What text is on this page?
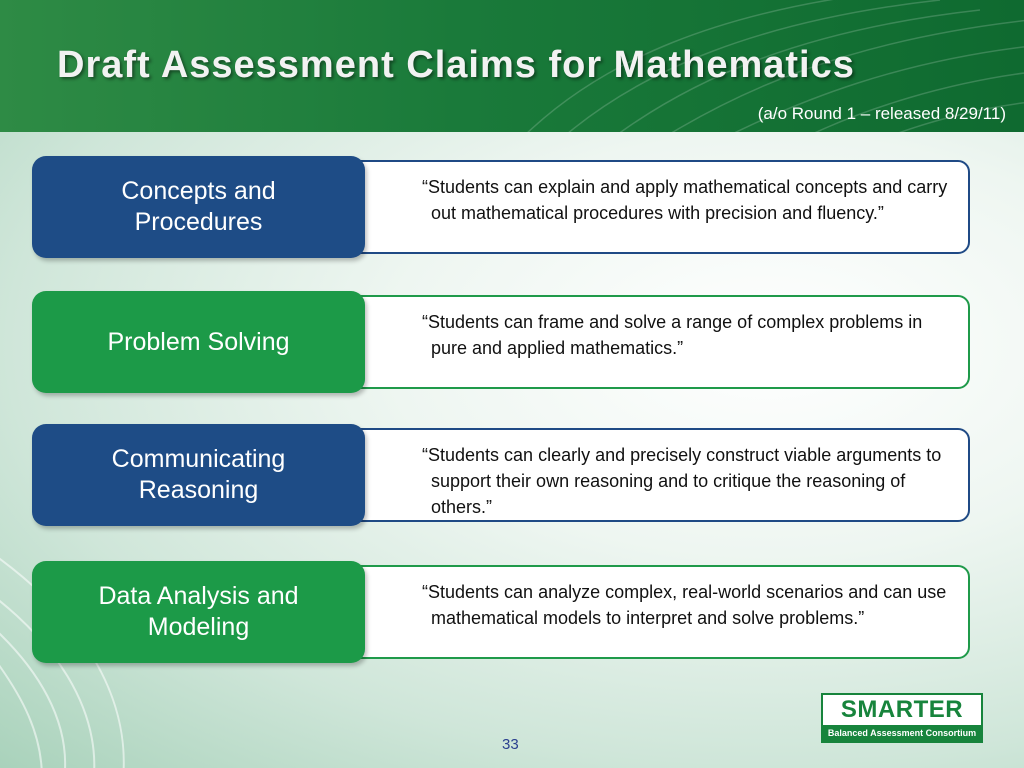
Draft Assessment Claims for Mathematics
(a/o Round 1 – released 8/29/11)
“Students can explain and apply mathematical concepts and carry out mathematical procedures with precision and fluency.”
Concepts and Procedures
“Students can frame and solve a range of complex problems in pure and applied mathematics.”
Problem Solving
“Students can clearly and precisely construct viable arguments to support their own reasoning and to critique the reasoning of others.”
Communicating Reasoning
“Students can analyze complex, real-world scenarios and can use mathematical models to interpret and solve problems.”
Data Analysis and Modeling
33
SMARTER
Balanced Assessment Consortium
